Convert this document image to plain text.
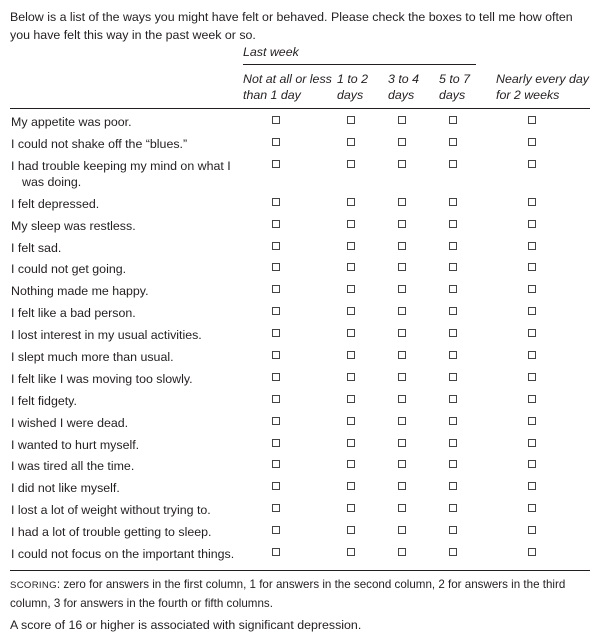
Below is a list of the ways you might have felt or behaved. Please check the boxes to tell me how often you have felt this way in the past week or so.
Last week
Not at all or less than 1 day
1 to 2 days
3 to 4 days
5 to 7 days
Nearly every day for 2 weeks
My appetite was poor.
I could not shake off the “blues.”
I had trouble keeping my mind on what I was doing.
I felt depressed.
My sleep was restless.
I felt sad.
I could not get going.
Nothing made me happy.
I felt like a bad person.
I lost interest in my usual activities.
I slept much more than usual.
I felt like I was moving too slowly.
I felt fidgety.
I wished I were dead.
I wanted to hurt myself.
I was tired all the time.
I did not like myself.
I lost a lot of weight without trying to.
I had a lot of trouble getting to sleep.
I could not focus on the important things.
SCORING: zero for answers in the first column, 1 for answers in the second column, 2 for answers in the third column, 3 for answers in the fourth or fifth columns.
A score of 16 or higher is associated with significant depression.
